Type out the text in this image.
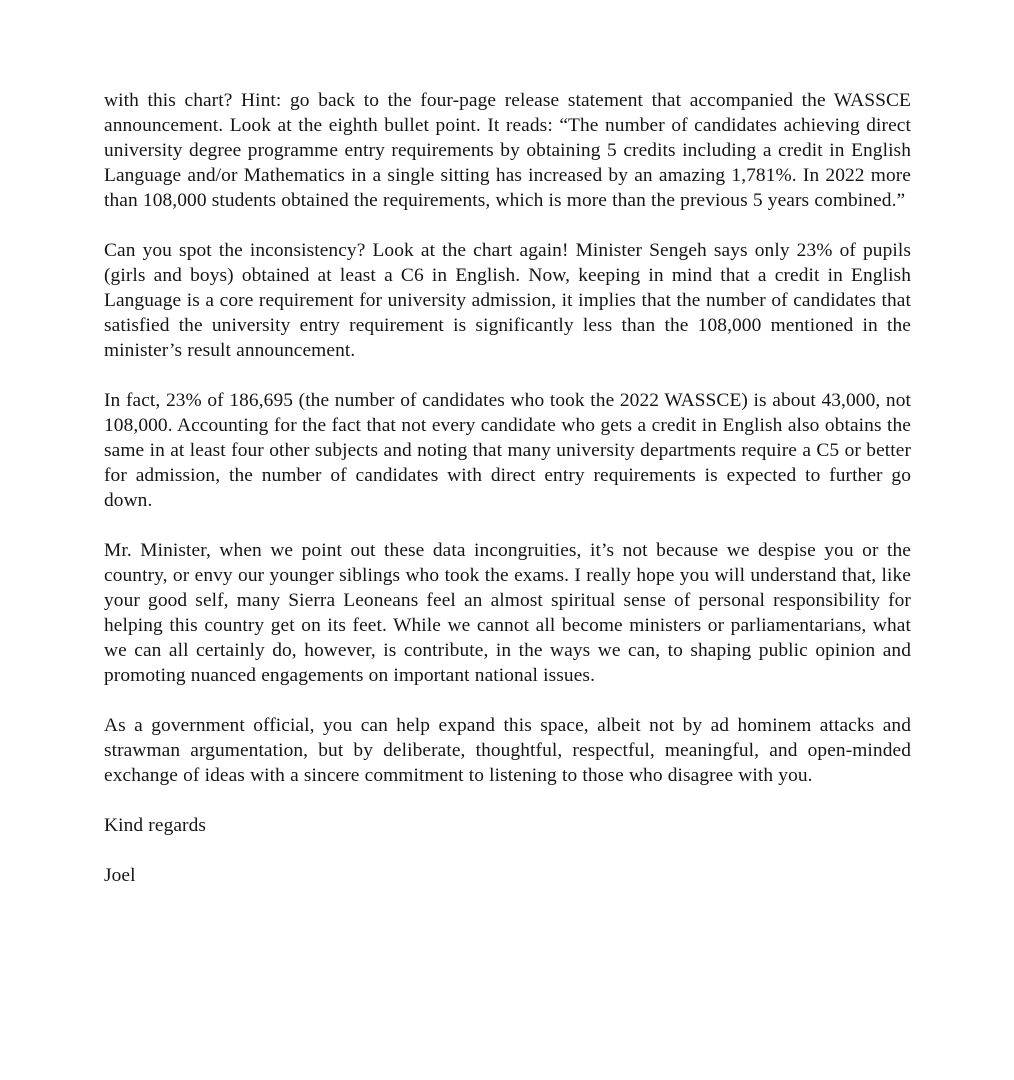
with this chart? Hint: go back to the four-page release statement that accompanied the WASSCE announcement. Look at the eighth bullet point. It reads: “The number of candidates achieving direct university degree programme entry requirements by obtaining 5 credits including a credit in English Language and/or Mathematics in a single sitting has increased by an amazing 1,781%. In 2022 more than 108,000 students obtained the requirements, which is more than the previous 5 years combined.”

Can you spot the inconsistency? Look at the chart again! Minister Sengeh says only 23% of pupils (girls and boys) obtained at least a C6 in English. Now, keeping in mind that a credit in English Language is a core requirement for university admission, it implies that the number of candidates that satisfied the university entry requirement is significantly less than the 108,000 mentioned in the minister’s result announcement.

In fact, 23% of 186,695 (the number of candidates who took the 2022 WASSCE) is about 43,000, not 108,000. Accounting for the fact that not every candidate who gets a credit in English also obtains the same in at least four other subjects and noting that many university departments require a C5 or better for admission, the number of candidates with direct entry requirements is expected to further go down.

Mr. Minister, when we point out these data incongruities, it’s not because we despise you or the country, or envy our younger siblings who took the exams. I really hope you will understand that, like your good self, many Sierra Leoneans feel an almost spiritual sense of personal responsibility for helping this country get on its feet. While we cannot all become ministers or parliamentarians, what we can all certainly do, however, is contribute, in the ways we can, to shaping public opinion and promoting nuanced engagements on important national issues.

As a government official, you can help expand this space, albeit not by ad hominem attacks and strawman argumentation, but by deliberate, thoughtful, respectful, meaningful, and open-minded exchange of ideas with a sincere commitment to listening to those who disagree with you.

Kind regards

Joel
